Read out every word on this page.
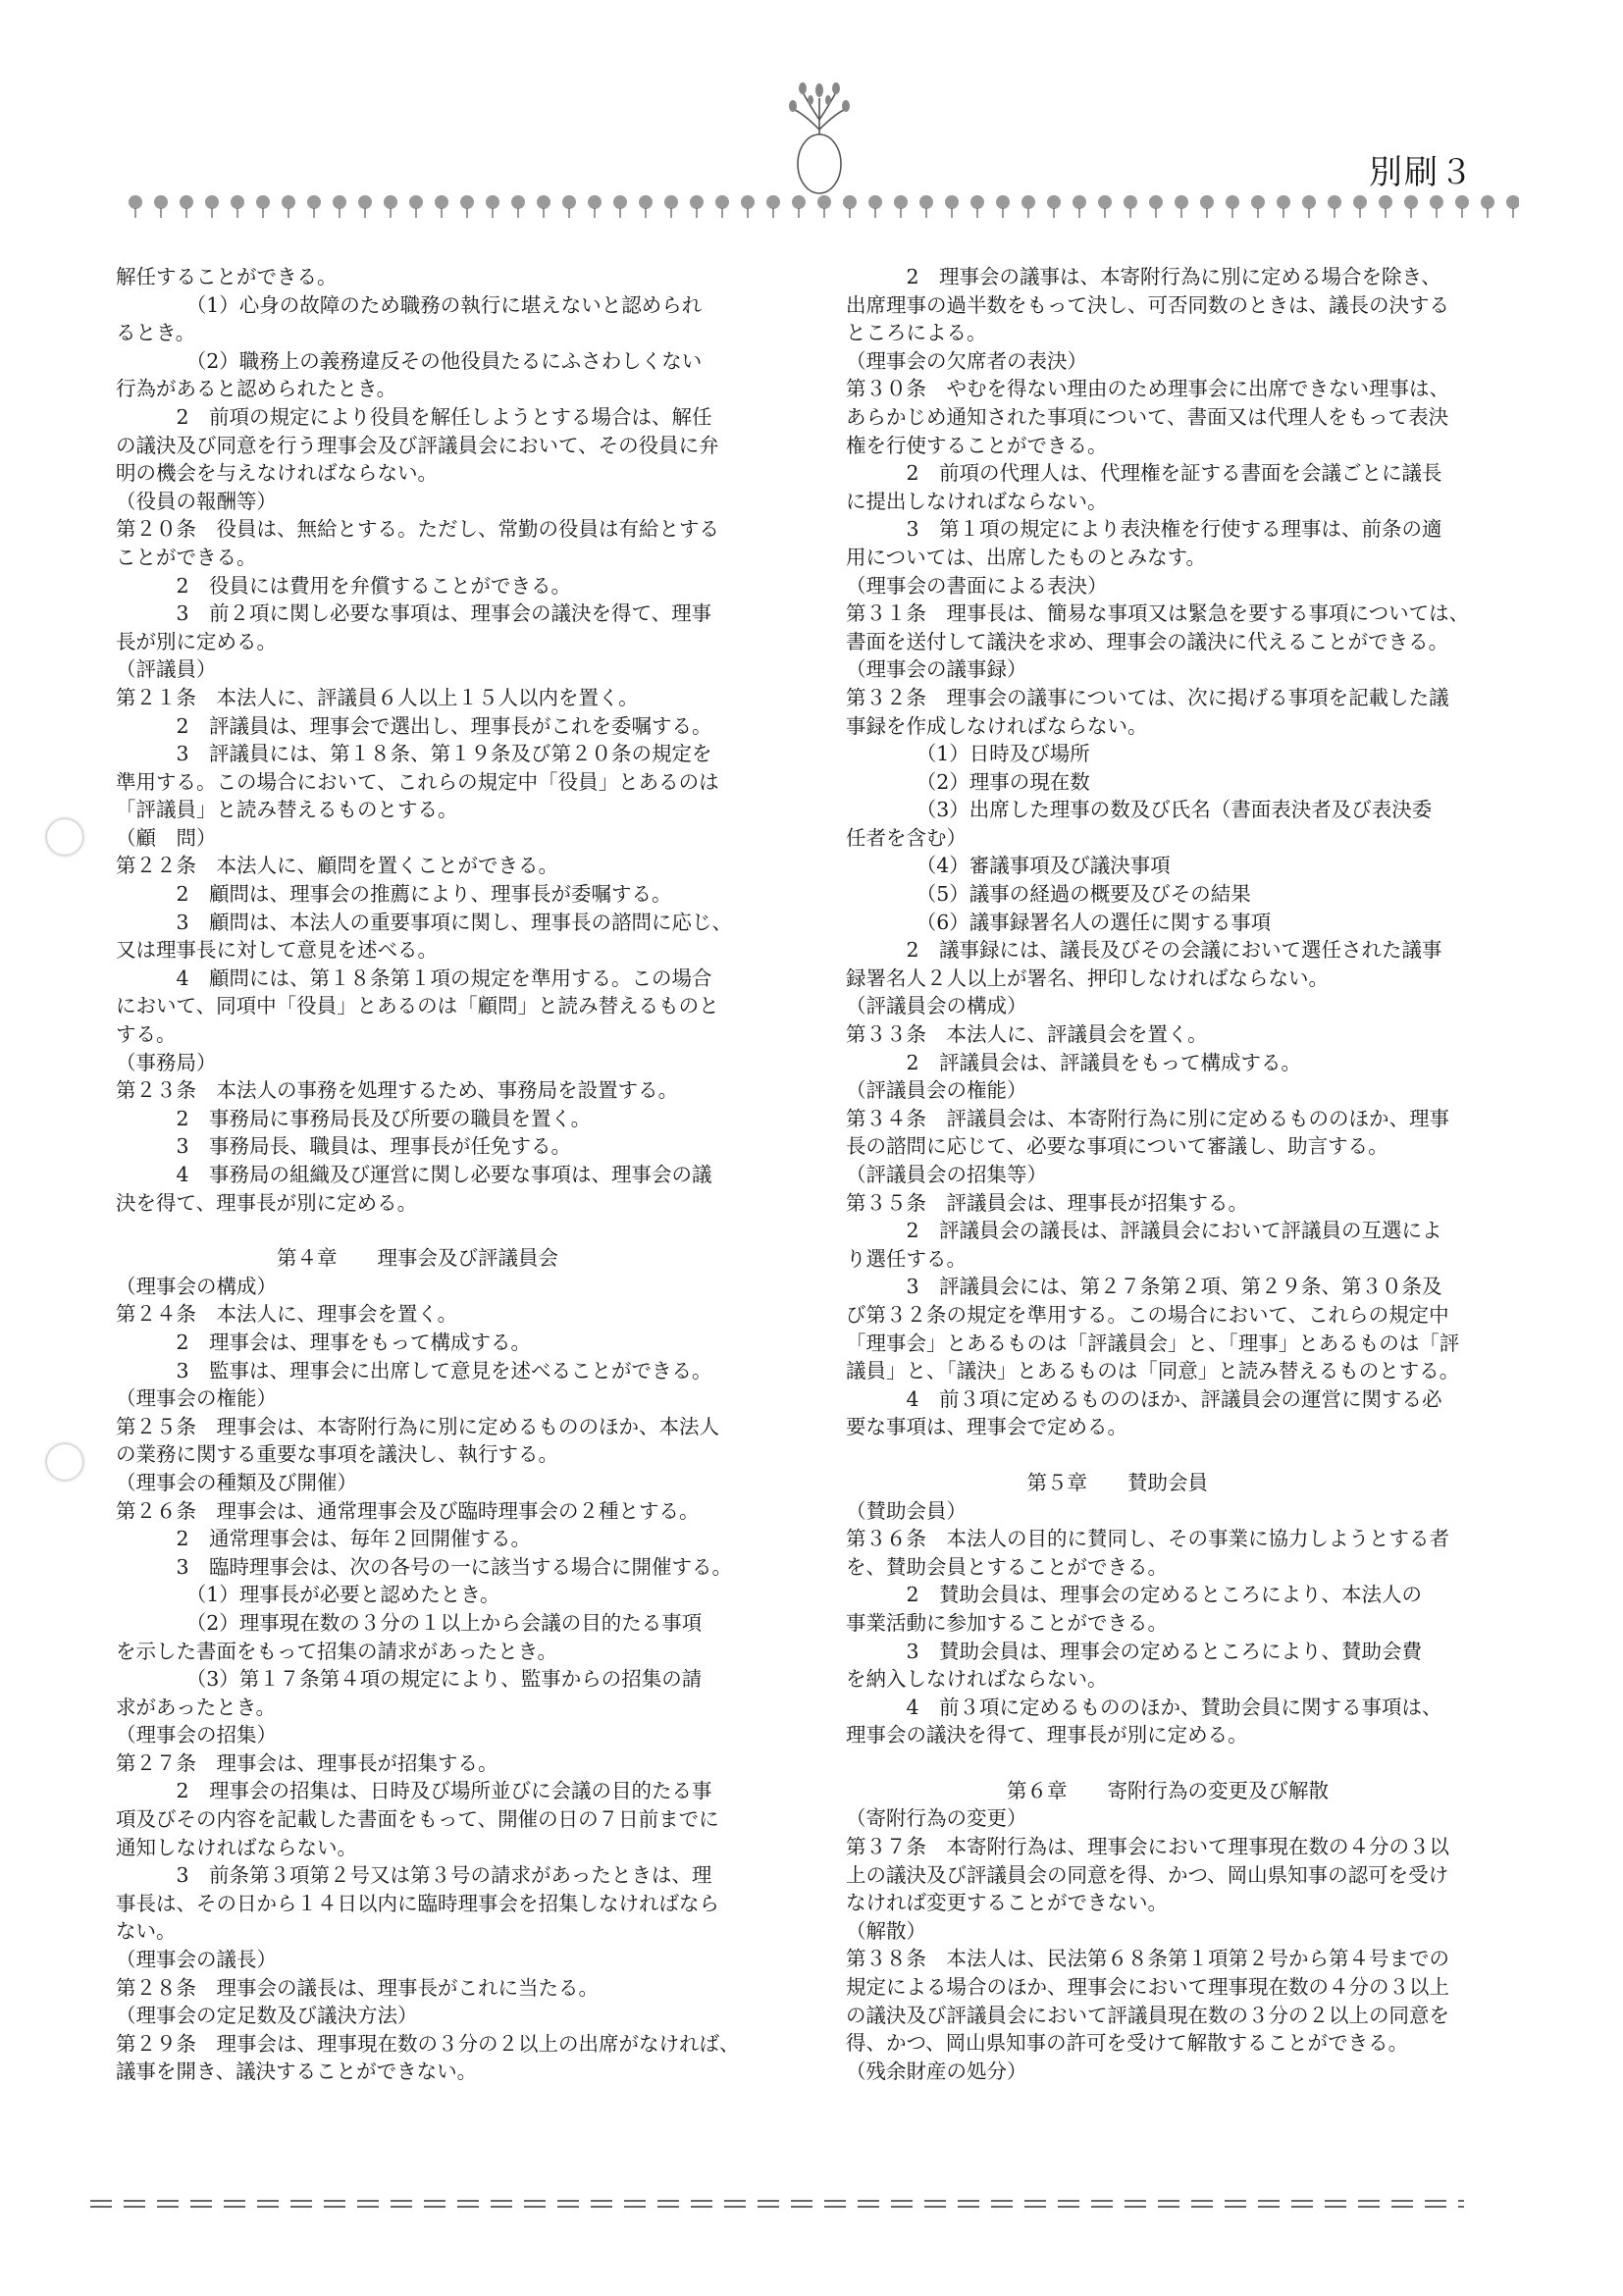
別刷３
解任することができる。
　　　　（1）心身の故障のため職務の執行に堪えないと認められ
るとき。
　　　　（2）職務上の義務違反その他役員たるにふさわしくない
行為があると認められたとき。
　　　2　前項の規定により役員を解任しようとする場合は、解任
の議決及び同意を行う理事会及び評議員会において、その役員に弁
明の機会を与えなければならない。
（役員の報酬等）
第２０条　役員は、無給とする。ただし、常勤の役員は有給とする
ことができる。
　　　2　役員には費用を弁償することができる。
　　　3　前２項に関し必要な事項は、理事会の議決を得て、理事
長が別に定める。
（評議員）
第２１条　本法人に、評議員６人以上１５人以内を置く。
　　　2　評議員は、理事会で選出し、理事長がこれを委嘱する。
　　　3　評議員には、第１８条、第１９条及び第２０条の規定を
準用する。この場合において、これらの規定中「役員」とあるのは
「評議員」と読み替えるものとする。
（顧　問）
第２２条　本法人に、顧問を置くことができる。
　　　2　顧問は、理事会の推薦により、理事長が委嘱する。
　　　3　顧問は、本法人の重要事項に関し、理事長の諮問に応じ、
又は理事長に対して意見を述べる。
　　　4　顧問には、第１８条第１項の規定を準用する。この場合
において、同項中「役員」とあるのは「顧問」と読み替えるものと
する。
（事務局）
第２３条　本法人の事務を処理するため、事務局を設置する。
　　　2　事務局に事務局長及び所要の職員を置く。
　　　3　事務局長、職員は、理事長が任免する。
　　　4　事務局の組織及び運営に関し必要な事項は、理事会の議
決を得て、理事長が別に定める。
　　　　　　　　第４章　　理事会及び評議員会
（理事会の構成）
第２４条　本法人に、理事会を置く。
　　　2　理事会は、理事をもって構成する。
　　　3　監事は、理事会に出席して意見を述べることができる。
（理事会の権能）
第２５条　理事会は、本寄附行為に別に定めるもののほか、本法人
の業務に関する重要な事項を議決し、執行する。
（理事会の種類及び開催）
第２６条　理事会は、通常理事会及び臨時理事会の２種とする。
　　　2　通常理事会は、毎年２回開催する。
　　　3　臨時理事会は、次の各号の一に該当する場合に開催する。
　　　　（1）理事長が必要と認めたとき。
　　　　（2）理事現在数の３分の１以上から会議の目的たる事項
を示した書面をもって招集の請求があったとき。
　　　　（3）第１７条第４項の規定により、監事からの招集の請
求があったとき。
（理事会の招集）
第２７条　理事会は、理事長が招集する。
　　　2　理事会の招集は、日時及び場所並びに会議の目的たる事
項及びその内容を記載した書面をもって、開催の日の７日前までに
通知しなければならない。
　　　3　前条第３項第２号又は第３号の請求があったときは、理
事長は、その日から１４日以内に臨時理事会を招集しなければなら
ない。
（理事会の議長）
第２８条　理事会の議長は、理事長がこれに当たる。
（理事会の定足数及び議決方法）
第２９条　理事会は、理事現在数の３分の２以上の出席がなければ、
議事を開き、議決することができない。
　　　2　理事会の議事は、本寄附行為に別に定める場合を除き、
出席理事の過半数をもって決し、可否同数のときは、議長の決する
ところによる。
（理事会の欠席者の表決）
第３０条　やむを得ない理由のため理事会に出席できない理事は、
あらかじめ通知された事項について、書面又は代理人をもって表決
権を行使することができる。
　　　2　前項の代理人は、代理権を証する書面を会議ごとに議長
に提出しなければならない。
　　　3　第１項の規定により表決権を行使する理事は、前条の適
用については、出席したものとみなす。
（理事会の書面による表決）
第３１条　理事長は、簡易な事項又は緊急を要する事項については、
書面を送付して議決を求め、理事会の議決に代えることができる。
（理事会の議事録）
第３２条　理事会の議事については、次に掲げる事項を記載した議
事録を作成しなければならない。
　　　　（1）日時及び場所
　　　　（2）理事の現在数
　　　　（3）出席した理事の数及び氏名（書面表決者及び表決委
任者を含む）
　　　　（4）審議事項及び議決事項
　　　　（5）議事の経過の概要及びその結果
　　　　（6）議事録署名人の選任に関する事項
　　　2　議事録には、議長及びその会議において選任された議事
録署名人２人以上が署名、押印しなければならない。
（評議員会の構成）
第３３条　本法人に、評議員会を置く。
　　　2　評議員会は、評議員をもって構成する。
（評議員会の権能）
第３４条　評議員会は、本寄附行為に別に定めるもののほか、理事
長の諮問に応じて、必要な事項について審議し、助言する。
（評議員会の招集等）
第３５条　評議員会は、理事長が招集する。
　　　2　評議員会の議長は、評議員会において評議員の互選によ
り選任する。
　　　3　評議員会には、第２７条第２項、第２９条、第３０条及
び第３２条の規定を準用する。この場合において、これらの規定中
「理事会」とあるものは「評議員会」と、「理事」とあるものは「評
議員」と、「議決」とあるものは「同意」と読み替えるものとする。
　　　4　前３項に定めるもののほか、評議員会の運営に関する必
要な事項は、理事会で定める。
　　　　　　　　　第５章　　賛助会員
（賛助会員）
第３６条　本法人の目的に賛同し、その事業に協力しようとする者
を、賛助会員とすることができる。
　　　2　賛助会員は、理事会の定めるところにより、本法人の
事業活動に参加することができる。
　　　3　賛助会員は、理事会の定めるところにより、賛助会費
を納入しなければならない。
　　　4　前３項に定めるもののほか、賛助会員に関する事項は、
理事会の議決を得て、理事長が別に定める。
　　　　　　　　第６章　　寄附行為の変更及び解散
（寄附行為の変更）
第３７条　本寄附行為は、理事会において理事現在数の４分の３以
上の議決及び評議員会の同意を得、かつ、岡山県知事の認可を受け
なければ変更することができない。
（解散）
第３８条　本法人は、民法第６８条第１項第２号から第４号までの
規定による場合のほか、理事会において理事現在数の４分の３以上
の議決及び評議員会において評議員現在数の３分の２以上の同意を
得、かつ、岡山県知事の許可を受けて解散することができる。
（残余財産の処分）
